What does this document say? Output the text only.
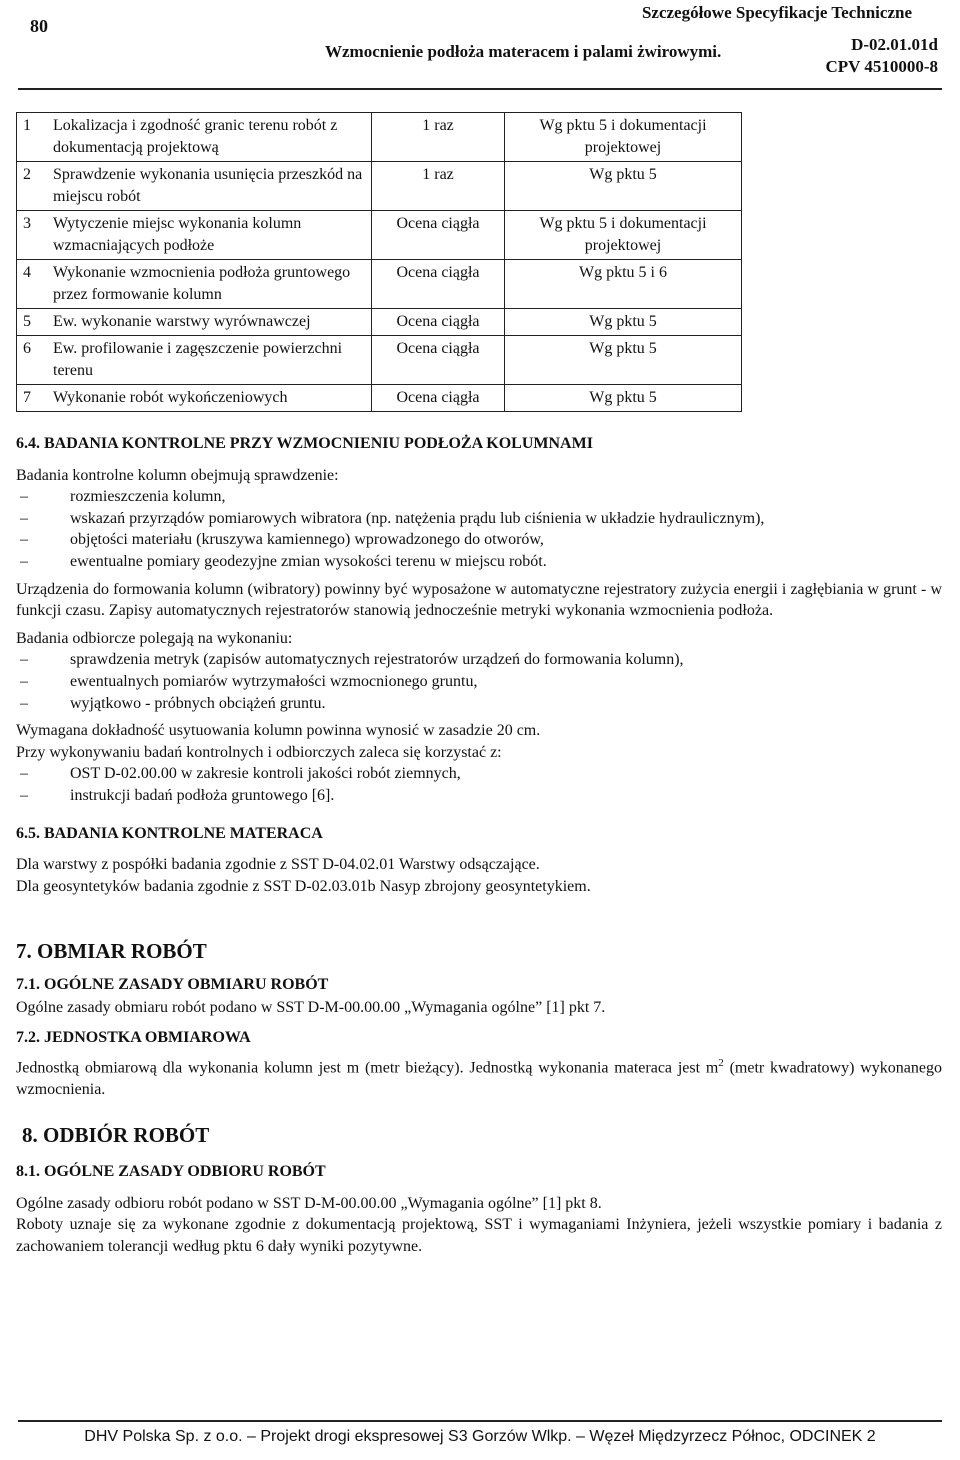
80
Szczegółowe Specyfikacje Techniczne
Wzmocnienie podłoża materacem i palami żwirowymi.	D-02.01.01d
CPV 4510000-8
1	Lokalizacja i zgodność granic terenu robót z dokumentacją projektową	1 raz	Wg pktu 5 i dokumentacji projektowej
2	Sprawdzenie wykonania usunięcia przeszkód na miejscu robót	1 raz	Wg pktu 5
3	Wytyczenie miejsc wykonania kolumn wzmacniających podłoże	Ocena ciągła	Wg pktu 5 i dokumentacji projektowej
4	Wykonanie wzmocnienia podłoża gruntowego przez formowanie kolumn	Ocena ciągła	Wg pktu 5 i 6
5	Ew. wykonanie warstwy wyrównawczej	Ocena ciągła	Wg pktu 5
6	Ew. profilowanie i zagęszczenie powierzchni terenu	Ocena ciągła	Wg pktu 5
7	Wykonanie robót wykończeniowych	Ocena ciągła	Wg pktu 5
6.4. BADANIA KONTROLNE PRZY WZMOCNIENIU PODŁOŻA KOLUMNAMI

Badania kontrolne kolumn obejmują sprawdzenie:

– rozmieszczenia kolumn,
– wskazań przyrządów pomiarowych wibratora (np. natężenia prądu lub ciśnienia w układzie hydraulicznym),
– objętości materiału (kruszywa kamiennego) wprowadzonego do otworów,
– ewentualne pomiary geodezyjne zmian wysokości terenu w miejscu robót.

Urządzenia do formowania kolumn (wibratory) powinny być wyposażone w automatyczne rejestratory zużycia energii i zagłębiania w grunt - w funkcji czasu. Zapisy automatycznych rejestratorów stanowią jednocześnie metryki wykonania wzmocnienia podłoża.

Badania odbiorcze polegają na wykonaniu:

– sprawdzenia metryk (zapisów automatycznych rejestratorów urządzeń do formowania kolumn),
– ewentualnych pomiarów wytrzymałości wzmocnionego gruntu,
– wyjątkowo - próbnych obciążeń gruntu.

Wymagana dokładność usytuowania kolumn powinna wynosić w zasadzie 20 cm.

Przy wykonywaniu badań kontrolnych i odbiorczych zaleca się korzystać z:

– OST D-02.00.00 w zakresie kontroli jakości robót ziemnych,
– instrukcji badań podłoża gruntowego [6].
6.5. BADANIA KONTROLNE MATERACA

Dla warstwy z pospółki badania zgodnie z SST D-04.02.01 Warstwy odsączające.

Dla geosyntetyków badania zgodnie z SST D-02.03.01b Nasyp zbrojony geosyntetykiem.

7. OBMIAR ROBÓT
7.1. OGÓLNE ZASADY OBMIARU ROBÓT

Ogólne zasady obmiaru robót podano w SST D-M-00.00.00 „Wymagania ogólne” [1] pkt 7.

7.2. JEDNOSTKA OBMIAROWA

Jednostką obmiarową dla wykonania kolumn jest m (metr bieżący). Jednostką wykonania materaca jest $m^2$ (metr kwadratowy) wykonanego wzmocnienia.

8. ODBIÓR ROBÓT
8.1. OGÓLNE ZASADY ODBIORU ROBÓT

Ogólne zasady odbioru robót podano w SST D-M-00.00.00 „Wymagania ogólne” [1] pkt 8.

Roboty uznaje się za wykonane zgodnie z dokumentacją projektową, SST i wymaganiami Inżyniera, jeżeli wszystkie pomiary i badania z zachowaniem tolerancji według pktu 6 dały wyniki pozytywne.

DHV Polska Sp. z o.o. – Projekt drogi ekspresowej S3 Gorzów Wlkp. – Węzeł Międzyrzecz Północ, ODCINEK 2
